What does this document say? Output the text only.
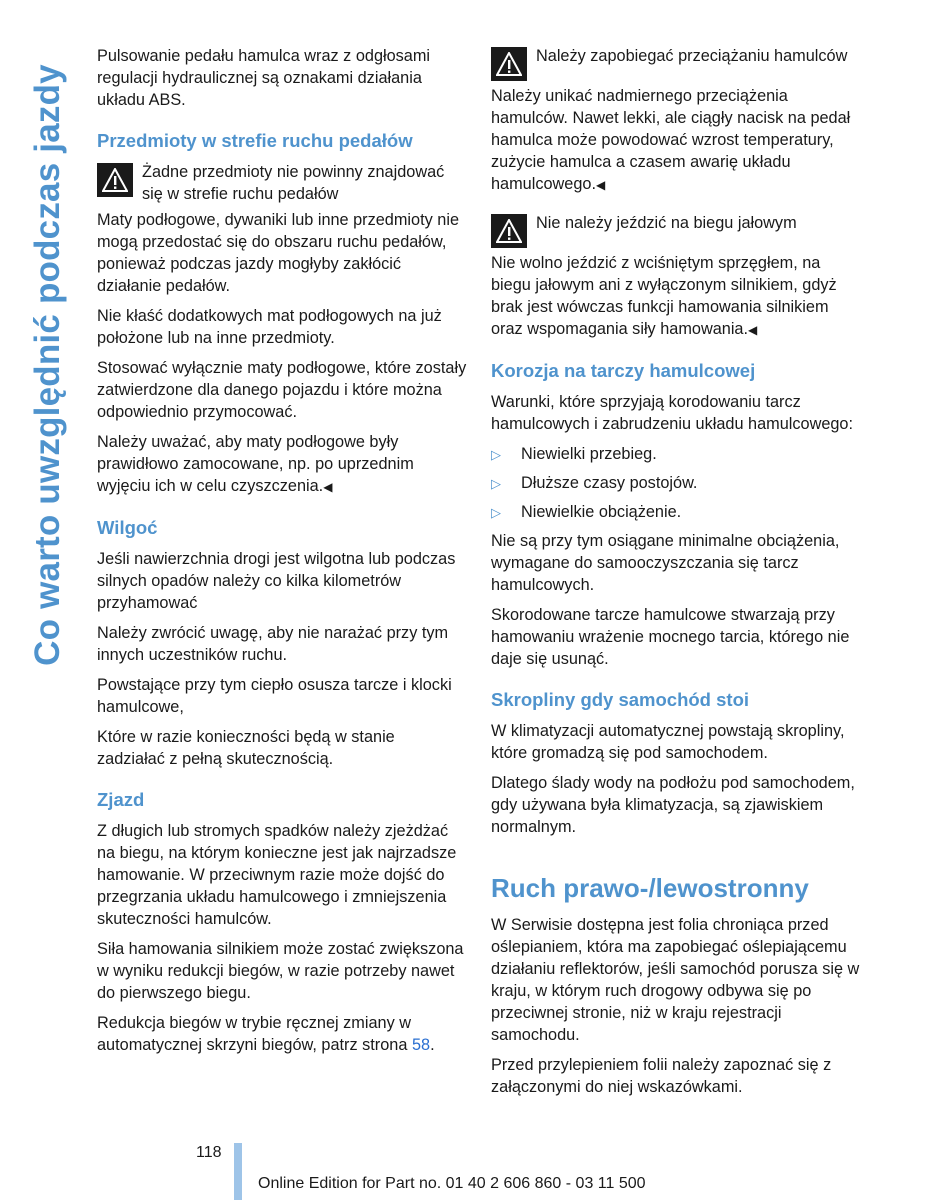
Co warto uwzględnić podczas jazdy

Pulsowanie pedału hamulca wraz z odgłosami regulacji hydraulicznej są oznakami działania układu ABS.

Przedmioty w strefie ruchu pedałów
Żadne przedmioty nie powinny znajdować się w strefie ruchu pedałów

Maty podłogowe, dywaniki lub inne przedmioty nie mogą przedostać się do obszaru ruchu pedałów, ponieważ podczas jazdy mogłyby zakłócić działanie pedałów.

Nie kłaść dodatkowych mat podłogowych na już położone lub na inne przedmioty.

Stosować wyłącznie maty podłogowe, które zostały zatwierdzone dla danego pojazdu i które można odpowiednio przymocować.

Należy uważać, aby maty podłogowe były prawidłowo zamocowane, np. po uprzednim wyjęciu ich w celu czyszczenia.◀

Wilgoć

Jeśli nawierzchnia drogi jest wilgotna lub podczas silnych opadów należy co kilka kilometrów przyhamować

Należy zwrócić uwagę, aby nie narażać przy tym innych uczestników ruchu.

Powstające przy tym ciepło osusza tarcze i klocki hamulcowe,

Które w razie konieczności będą w stanie zadziałać z pełną skutecznością.

Zjazd

Z długich lub stromych spadków należy zjeżdżać na biegu, na którym konieczne jest jak najrzadsze hamowanie. W przeciwnym razie może dojść do przegrzania układu hamulcowego i zmniejszenia skuteczności hamulców.

Siła hamowania silnikiem może zostać zwiększona w wyniku redukcji biegów, w razie potrzeby nawet do pierwszego biegu.

Redukcja biegów w trybie ręcznej zmiany w automatycznej skrzyni biegów, patrz strona 58.

Należy zapobiegać przeciążaniu hamulców

Należy unikać nadmiernego przeciążenia hamulców. Nawet lekki, ale ciągły nacisk na pedał hamulca może powodować wzrost temperatury, zużycie hamulca a czasem awarię układu hamulcowego.◀

Nie należy jeździć na biegu jałowym

Nie wolno jeździć z wciśniętym sprzęgłem, na biegu jałowym ani z wyłączonym silnikiem, gdyż brak jest wówczas funkcji hamowania silnikiem oraz wspomagania siły hamowania.◀

Korozja na tarczy hamulcowej

Warunki, które sprzyjają korodowaniu tarcz hamulcowych i zabrudzeniu układu hamulcowego:

▷	Niewielki przebieg.
▷	Dłuższe czasy postojów.
▷	Niewielkie obciążenie.

Nie są przy tym osiągane minimalne obciążenia, wymagane do samooczyszczania się tarcz hamulcowych.

Skorodowane tarcze hamulcowe stwarzają przy hamowaniu wrażenie mocnego tarcia, którego nie daje się usunąć.

Skropliny gdy samochód stoi

W klimatyzacji automatycznej powstają skropliny, które gromadzą się pod samochodem.

Dlatego ślady wody na podłożu pod samochodem, gdy używana była klimatyzacja, są zjawiskiem normalnym.

Ruch prawo-/lewostronny

W Serwisie dostępna jest folia chroniąca przed oślepianiem, która ma zapobiegać oślepiającemu działaniu reflektorów, jeśli samochód porusza się w kraju, w którym ruch drogowy odbywa się po przeciwnej stronie, niż w kraju rejestracji samochodu.

Przed przylepieniem folii należy zapoznać się z załączonymi do niej wskazówkami.

118
Online Edition for Part no. 01 40 2 606 860 - 03 11 500
